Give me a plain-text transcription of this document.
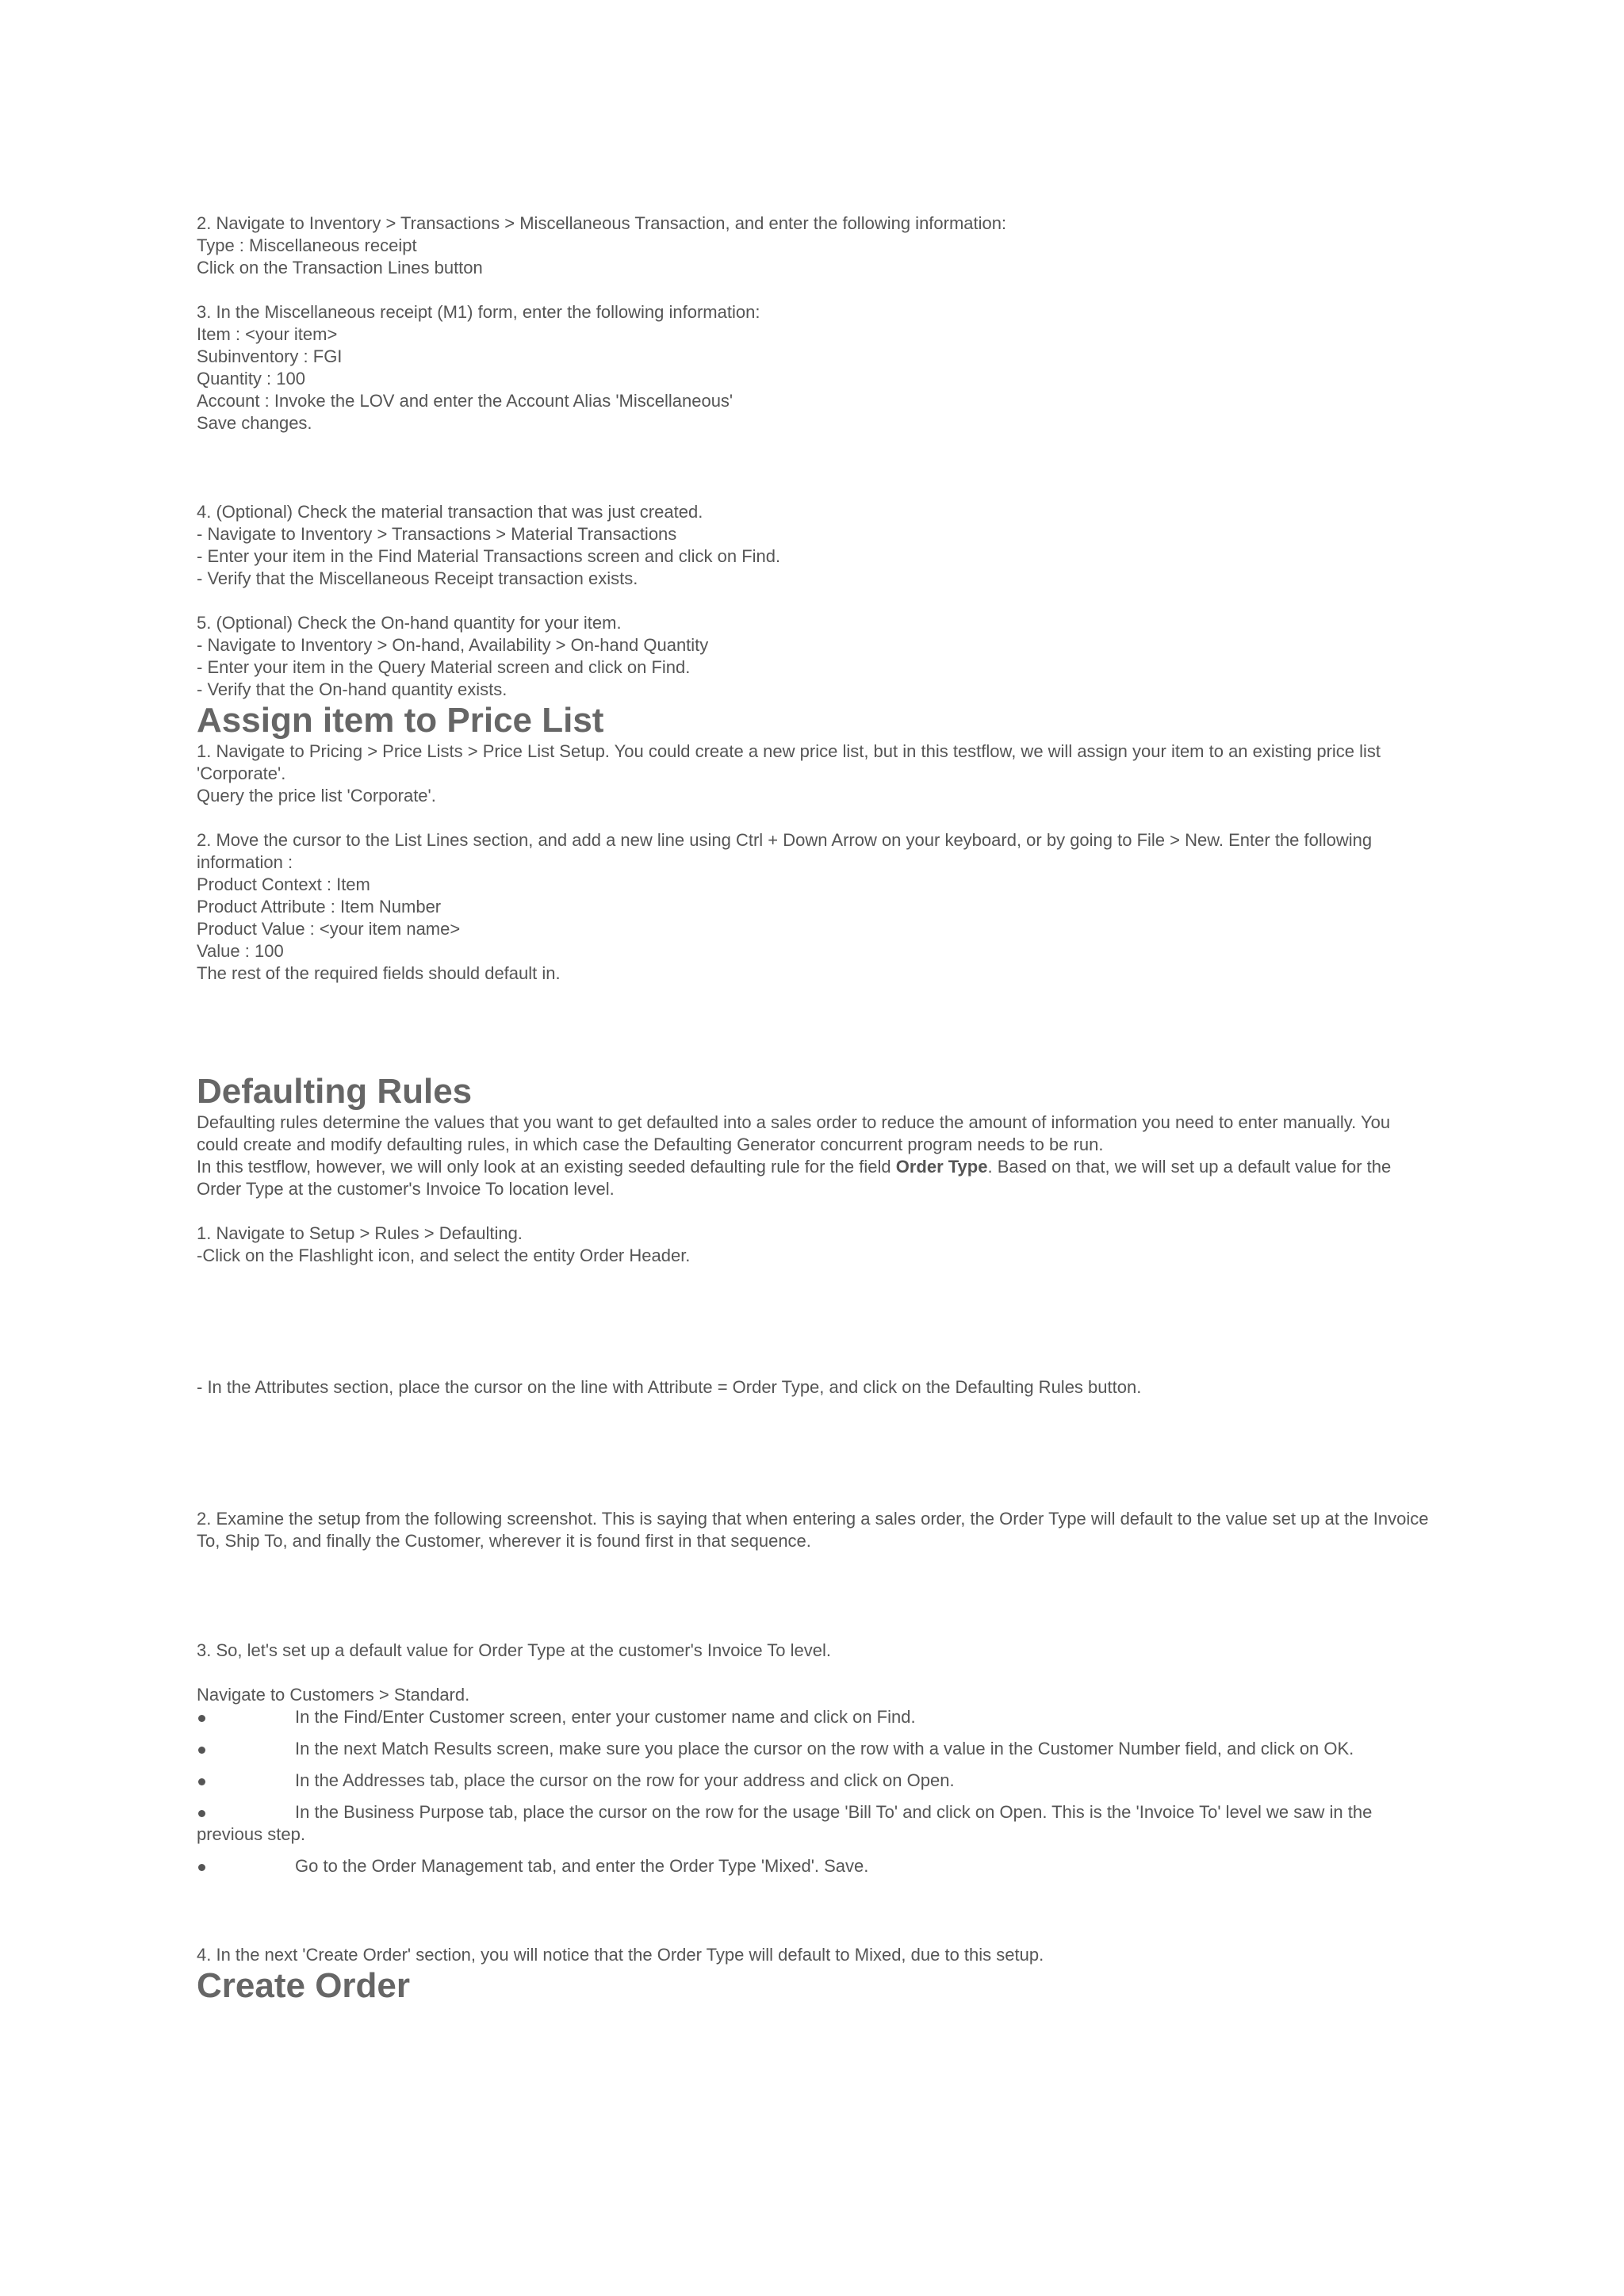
2. Navigate to Inventory > Transactions > Miscellaneous Transaction, and enter the following information:

Type : Miscellaneous receipt

Click on the Transaction Lines button

3. In the Miscellaneous receipt (M1) form, enter the following information:

Item : <your item>

Subinventory : FGI

Quantity : 100

Account : Invoke the LOV and enter the Account Alias 'Miscellaneous'

Save changes.

4. (Optional) Check the material transaction that was just created.

- Navigate to Inventory > Transactions > Material Transactions

- Enter your item in the Find Material Transactions screen and click on Find.

- Verify that the Miscellaneous Receipt transaction exists.

5. (Optional) Check the On-hand quantity for your item.

- Navigate to Inventory > On-hand, Availability > On-hand Quantity

- Enter your item in the Query Material screen and click on Find.

- Verify that the On-hand quantity exists.

Assign item to Price List

1. Navigate to Pricing > Price Lists > Price List Setup. You could create a new price list, but in this testflow, we will assign your item to an existing price list 'Corporate'.

Query the price list 'Corporate'.

2. Move the cursor to the List Lines section, and add a new line using Ctrl + Down Arrow on your keyboard, or by going to File > New. Enter the following information :

Product Context : Item

Product Attribute : Item Number

Product Value : <your item name>

Value : 100

The rest of the required fields should default in.

Defaulting Rules

Defaulting rules determine the values that you want to get defaulted into a sales order to reduce the amount of information you need to enter manually. You could create and modify defaulting rules, in which case the Defaulting Generator concurrent program needs to be run.

In this testflow, however, we will only look at an existing seeded defaulting rule for the field Order Type. Based on that, we will set up a default value for the Order Type at the customer's Invoice To location level.

1. Navigate to Setup > Rules > Defaulting.

-Click on the Flashlight icon, and select the entity Order Header.

- In the Attributes section, place the cursor on the line with Attribute = Order Type, and click on the Defaulting Rules button.

2. Examine the setup from the following screenshot. This is saying that when entering a sales order, the Order Type will default to the value set up at the Invoice To, Ship To, and finally the Customer, wherever it is found first in that sequence.

3. So, let's set up a default value for Order Type at the customer's Invoice To level.

Navigate to Customers > Standard.

In the Find/Enter Customer screen, enter your customer name and click on Find.

In the next Match Results screen, make sure you place the cursor on the row with a value in the Customer Number field, and click on OK.

In the Addresses tab, place the cursor on the row for your address and click on Open.

In the Business Purpose tab, place the cursor on the row for the usage 'Bill To' and click on Open. This is the 'Invoice To' level we saw in the previous step.

Go to the Order Management tab, and enter the Order Type 'Mixed'. Save.

4. In the next 'Create Order' section, you will notice that the Order Type will default to Mixed, due to this setup.

Create Order
